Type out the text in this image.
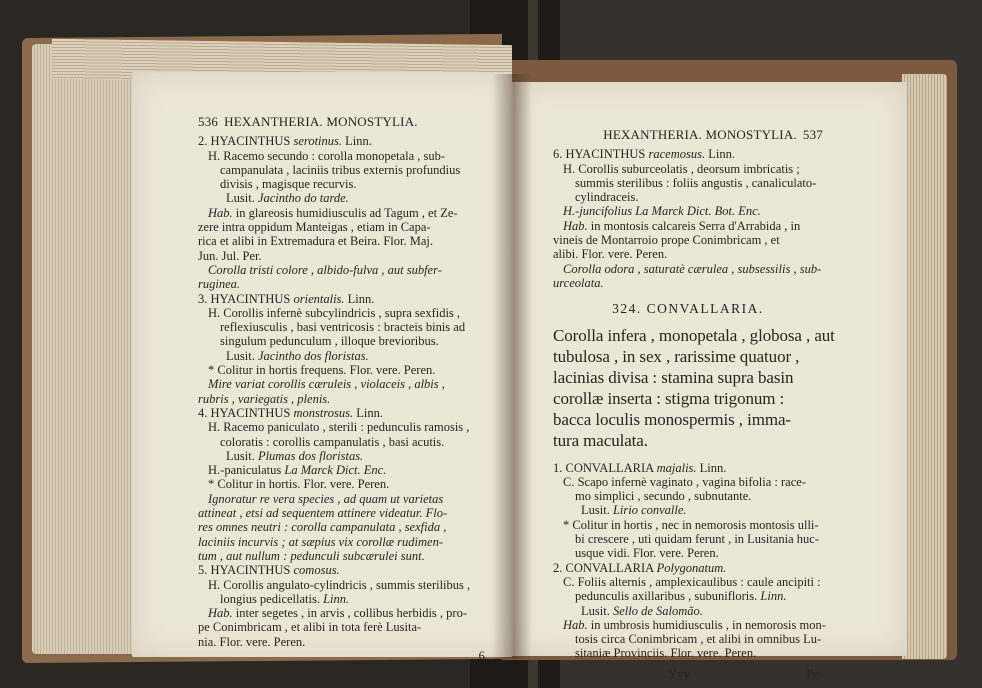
536 HEXANTHERIA. MONOSTYLIA.
2. HYACINTHUS serotinus. Linn.
H. Racemo secundo : corolla monopetala , sub-
campanulata , laciniis tribus externis profundius
divisis , magisque recurvis.
Lusit. Jacintho do tarde.
Hab. in glareosis humidiusculis ad Tagum , et Ze-
zere intra oppidum Manteigas , etiam in Capa-
rica et alibi in Extremadura et Beira. Flor. Maj.
Jun. Jul. Per.
Corolla tristi colore , albido-fulva , aut subfer-
ruginea.
3. HYACINTHUS orientalis. Linn.
H. Corollis infernè subcylindricis , supra sexfidis ,
reflexiusculis , basi ventricosis : bracteis binis ad
singulum pedunculum , illoque brevioribus.
Lusit. Jacintho dos floristas.
* Colitur in hortis frequens. Flor. vere. Peren.
Mire variat corollis cæruleis , violaceis , albis ,
rubris , variegatis , plenis.
4. HYACINTHUS monstrosus. Linn.
H. Racemo paniculato , sterili : pedunculis ramosis ,
coloratis : corollis campanulatis , basi acutis.
Lusit. Plumas dos floristas.
H.-paniculatus La Marck Dict. Enc.
* Colitur in hortis. Flor. vere. Peren.
Ignoratur re vera species , ad quam ut varietas
attineat , etsi ad sequentem attinere videatur. Flo-
res omnes neutri : corolla campanulata , sexfida ,
laciniis incurvis ; at sæpius vix corollæ rudimen-
tum , aut nullum : pedunculi subcærulei sunt.
5. HYACINTHUS comosus.
H. Corollis angulato-cylindricis , summis sterilibus ,
longius pedicellatis. Linn.
Hab. inter segetes , in arvis , collibus herbidis , pro-
pe Conimbricam , et alibi in tota ferè Lusita-
nia. Flor. vere. Peren.
6.
HEXANTHERIA. MONOSTYLIA. 537
6. HYACINTHUS racemosus. Linn.
H. Corollis suburceolatis , deorsum imbricatis ;
summis sterilibus : foliis angustis , canaliculato-
cylindraceis.
H.-juncifolius La Marck Dict. Bot. Enc.
Hab. in montosis calcareis Serra d'Arrabida , in
vineis de Montarroio prope Conimbricam , et
alibi. Flor. vere. Peren.
Corolla odora , saturatè cærulea , subsessilis , sub-
urceolata.
324. CONVALLARIA.
Corolla infera , monopetala , globosa , aut
tubulosa , in sex , rarissime quatuor ,
lacinias divisa : stamina supra basin
corollæ inserta : stigma trigonum :
bacca loculis monospermis , imma-
tura maculata.
1. CONVALLARIA majalis. Linn.
C. Scapo infernè vaginato , vagina bifolia : race-
mo simplici , secundo , subnutante.
Lusit. Lirio convalle.
* Colitur in hortis , nec in nemorosis montosis ulli-
bi crescere , uti quidam ferunt , in Lusitania huc-
usque vidi. Flor. vere. Peren.
2. CONVALLARIA Polygonatum.
C. Foliis alternis , amplexicaulibus : caule ancipiti :
pedunculis axillaribus , subunifloris. Linn.
Lusit. Sello de Salomão.
Hab. in umbrosis humidiusculis , in nemorosis mon-
tosis circa Conimbricam , et alibi in omnibus Lu-
sitaniæ Provinciis. Flor. vere. Peren.
Yyy	Pe-
